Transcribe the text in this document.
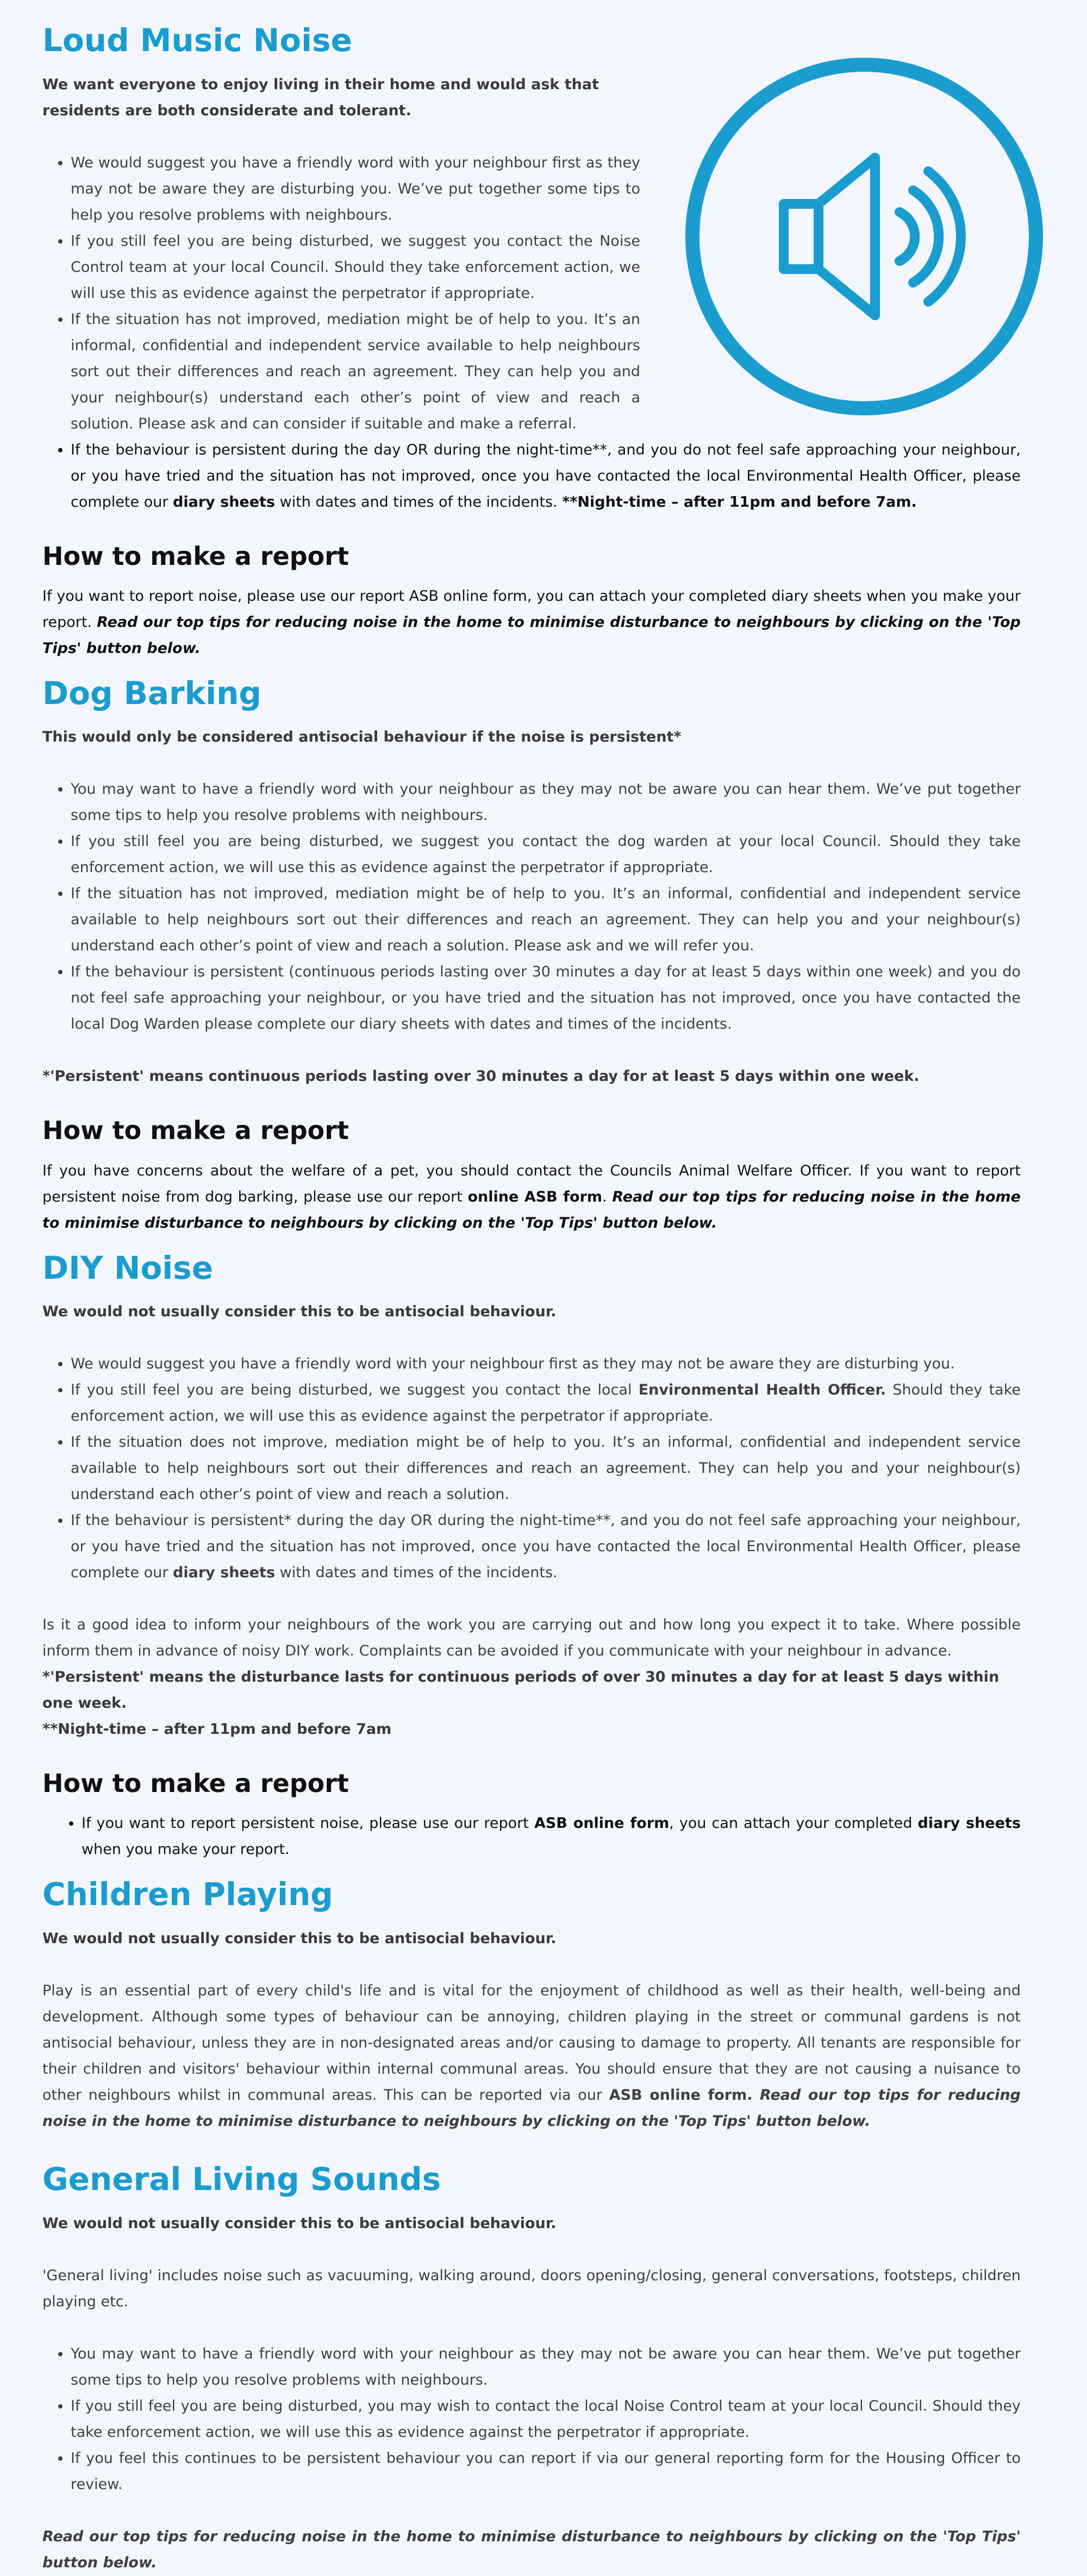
Loud Music Noise

We want everyone to enjoy living in their home and would ask that residents are both considerate and tolerant.

• We would suggest you have a friendly word with your neighbour first as they may not be aware they are disturbing you. We’ve put together some tips to help you resolve problems with neighbours.
• If you still feel you are being disturbed, we suggest you contact the Noise Control team at your local Council. Should they take enforcement action, we will use this as evidence against the perpetrator if appropriate.
• If the situation has not improved, mediation might be of help to you. It’s an informal, confidential and independent service available to help neighbours sort out their differences and reach an agreement. They can help you and your neighbour(s) understand each other’s point of view and reach a solution. Please ask and can consider if suitable and make a referral.
• If the behaviour is persistent during the day OR during the night-time**, and you do not feel safe approaching your neighbour, or you have tried and the situation has not improved, once you have contacted the local Environmental Health Officer, please complete our diary sheets with dates and times of the incidents. **Night-time – after 11pm and before 7am.
How to make a report

If you want to report noise, please use our report ASB online form, you can attach your completed diary sheets when you make your report. Read our top tips for reducing noise in the home to minimise disturbance to neighbours by clicking on the 'Top Tips' button below.

Dog Barking

This would only be considered antisocial behaviour if the noise is persistent*

• You may want to have a friendly word with your neighbour as they may not be aware you can hear them. We’ve put together some tips to help you resolve problems with neighbours.
• If you still feel you are being disturbed, we suggest you contact the dog warden at your local Council. Should they take enforcement action, we will use this as evidence against the perpetrator if appropriate.
• If the situation has not improved, mediation might be of help to you. It’s an informal, confidential and independent service available to help neighbours sort out their differences and reach an agreement. They can help you and your neighbour(s) understand each other’s point of view and reach a solution. Please ask and we will refer you.
• If the behaviour is persistent (continuous periods lasting over 30 minutes a day for at least 5 days within one week) and you do not feel safe approaching your neighbour, or you have tried and the situation has not improved, once you have contacted the local Dog Warden please complete our diary sheets with dates and times of the incidents.

*'Persistent' means continuous periods lasting over 30 minutes a day for at least 5 days within one week.

How to make a report

If you have concerns about the welfare of a pet, you should contact the Councils Animal Welfare Officer. If you want to report persistent noise from dog barking, please use our report online ASB form. Read our top tips for reducing noise in the home to minimise disturbance to neighbours by clicking on the 'Top Tips' button below.

DIY Noise

We would not usually consider this to be antisocial behaviour.

• We would suggest you have a friendly word with your neighbour first as they may not be aware they are disturbing you.
• If you still feel you are being disturbed, we suggest you contact the local Environmental Health Officer. Should they take enforcement action, we will use this as evidence against the perpetrator if appropriate.
• If the situation does not improve, mediation might be of help to you. It’s an informal, confidential and independent service available to help neighbours sort out their differences and reach an agreement. They can help you and your neighbour(s) understand each other’s point of view and reach a solution.
• If the behaviour is persistent* during the day OR during the night-time**, and you do not feel safe approaching your neighbour, or you have tried and the situation has not improved, once you have contacted the local Environmental Health Officer, please complete our diary sheets with dates and times of the incidents.

Is it a good idea to inform your neighbours of the work you are carrying out and how long you expect it to take. Where possible inform them in advance of noisy DIY work. Complaints can be avoided if you communicate with your neighbour in advance.

*'Persistent' means the disturbance lasts for continuous periods of over 30 minutes a day for at least 5 days within one week.

**Night-time – after 11pm and before 7am

How to make a report
• If you want to report persistent noise, please use our report ASB online form, you can attach your completed diary sheets when you make your report.
Children Playing

We would not usually consider this to be antisocial behaviour.

Play is an essential part of every child's life and is vital for the enjoyment of childhood as well as their health, well-being and development. Although some types of behaviour can be annoying, children playing in the street or communal gardens is not antisocial behaviour, unless they are in non-designated areas and/or causing to damage to property. All tenants are responsible for their children and visitors' behaviour within internal communal areas. You should ensure that they are not causing a nuisance to other neighbours whilst in communal areas. This can be reported via our ASB online form. Read our top tips for reducing noise in the home to minimise disturbance to neighbours by clicking on the 'Top Tips' button below.

General Living Sounds

We would not usually consider this to be antisocial behaviour.

'General living' includes noise such as vacuuming, walking around, doors opening/closing, general conversations, footsteps, children playing etc.

• You may want to have a friendly word with your neighbour as they may not be aware you can hear them. We’ve put together some tips to help you resolve problems with neighbours.
• If you still feel you are being disturbed, you may wish to contact the local Noise Control team at your local Council. Should they take enforcement action, we will use this as evidence against the perpetrator if appropriate.
• If you feel this continues to be persistent behaviour you can report if via our general reporting form for the Housing Officer to review.

Read our top tips for reducing noise in the home to minimise disturbance to neighbours by clicking on the 'Top Tips' button below.
